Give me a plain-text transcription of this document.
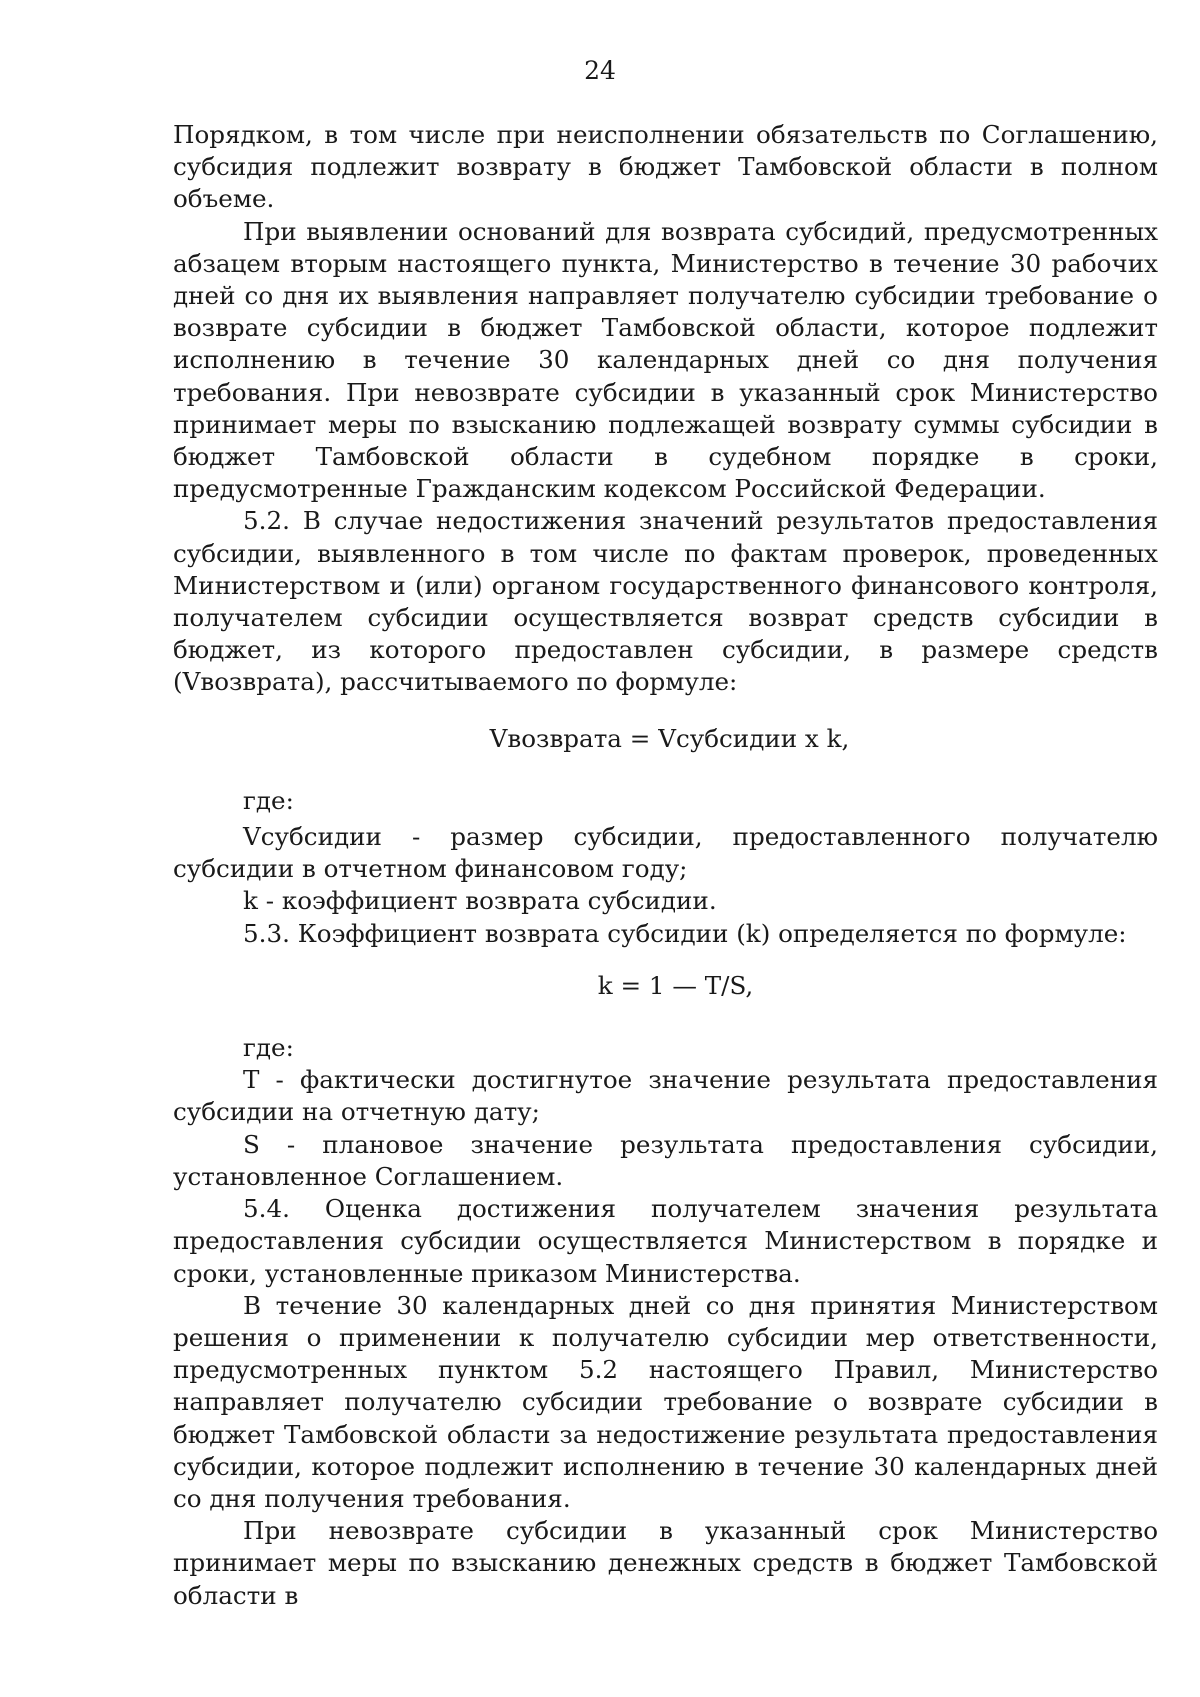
24

Порядком, в том числе при неисполнении обязательств по Соглашению, субсидия подлежит возврату в бюджет Тамбовской области в полном объеме.

При выявлении оснований для возврата субсидий, предусмотренных абзацем вторым настоящего пункта, Министерство в течение 30 рабочих дней со дня их выявления направляет получателю субсидии требование о возврате субсидии в бюджет Тамбовской области, которое подлежит исполнению в течение 30 календарных дней со дня получения требования. При невозврате субсидии в указанный срок Министерство принимает меры по взысканию подлежащей возврату суммы субсидии в бюджет Тамбовской области в судебном порядке в сроки, предусмотренные Гражданским кодексом Российской Федерации.

5.2. В случае недостижения значений результатов предоставления субсидии, выявленного в том числе по фактам проверок, проведенных Министерством и (или) органом государственного финансового контроля, получателем субсидии осуществляется возврат средств субсидии в бюджет, из которого предоставлен субсидии, в размере средств (Vвозврата), рассчитываемого по формуле:

Vвозврата = Vсубсидии x k,

где:

Vсубсидии - размер субсидии, предоставленного получателю субсидии в отчетном финансовом году;

k - коэффициент возврата субсидии.

5.3. Коэффициент возврата субсидии (k) определяется по формуле:

k = 1 — T/S,

где:

T - фактически достигнутое значение результата предоставления субсидии на отчетную дату;

S - плановое значение результата предоставления субсидии, установленное Соглашением.

5.4. Оценка достижения получателем значения результата предоставления субсидии осуществляется Министерством в порядке и сроки, установленные приказом Министерства.

В течение 30 календарных дней со дня принятия Министерством решения о применении к получателю субсидии мер ответственности, предусмотренных пунктом 5.2 настоящего Правил, Министерство направляет получателю субсидии требование о возврате субсидии в бюджет Тамбовской области за недостижение результата предоставления субсидии, которое подлежит исполнению в течение 30 календарных дней со дня получения требования.

При невозврате субсидии в указанный срок Министерство принимает меры по взысканию денежных средств в бюджет Тамбовской области в
